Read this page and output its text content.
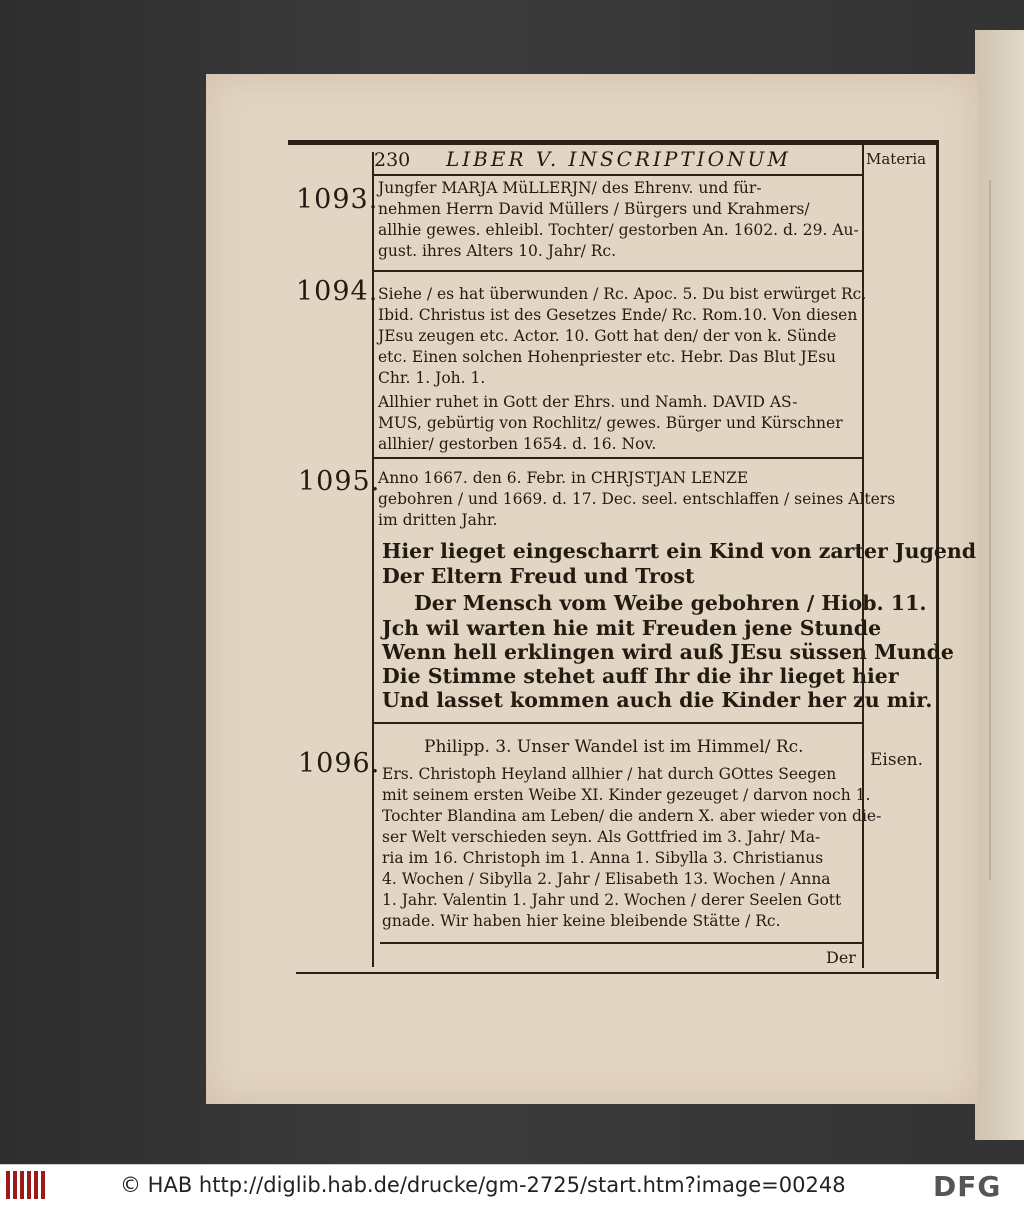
230 LIBER V. INSCRIPTIONUM	Materia
1093. Jungfer MARJA MüLLERJN/ des Ehrenv. und für-
nehmen Herrn David Müllers / Bürgers und Krahmers/
allhie gewes. ehleibl. Tochter/ gestorben An. 1602. d. 29. Au-
gust. ihres Alters 10. Jahr/ Rc.
1094. Siehe / es hat überwunden / Rc. Apoc. 5. Du bist erwürget Rc.
Ibid. Christus ist des Gesetzes Ende/ Rc. Rom.10. Von diesen
JEsu zeugen etc. Actor. 10. Gott hat den/ der von k. Sünde
etc. Einen solchen Hohenpriester etc. Hebr. Das Blut JEsu
Chr. 1. Joh. 1.
Allhier ruhet in Gott der Ehrs. und Namh. DAVID AS-
MUS, gebürtig von Rochlitz/ gewes. Bürger und Kürschner
allhier/ gestorben 1654. d. 16. Nov.
1095.
Anno 1667. den 6. Febr. in CHRJSTJAN LENZE
gebohren / und 1669. d. 17. Dec. seel. entschlaffen / seines Alters
im dritten Jahr.
Hier lieget eingescharrt ein Kind von zarter Jugend
Der Eltern Freud und Trost
Der Mensch vom Weibe gebohren / Hiob. 11.
Jch wil warten hie mit Freuden jene Stunde
Wenn hell erklingen wird auß JEsu süssen Munde
Die Stimme stehet auff Ihr die ihr lieget hier
Und lasset kommen auch die Kinder her zu mir.
1096.
Philipp. 3. Unser Wandel ist im Himmel/ Rc.
Ers. Christoph Heyland allhier / hat durch GOttes Seegen
mit seinem ersten Weibe XI. Kinder gezeuget / darvon noch 1.
Tochter Blandina am Leben/ die andern X. aber wieder von die-
ser Welt verschieden seyn. Als Gottfried im 3. Jahr/ Ma-
ria im 16. Christoph im 1. Anna 1. Sibylla 3. Christianus
4. Wochen / Sibylla 2. Jahr / Elisabeth 13. Wochen / Anna
1. Jahr. Valentin 1. Jahr und 2. Wochen / derer Seelen Gott
gnade. Wir haben hier keine bleibende Stätte / Rc.
Eisen.
Der
© HAB http://diglib.hab.de/drucke/gm-2725/start.htm?image=00248	DFG
